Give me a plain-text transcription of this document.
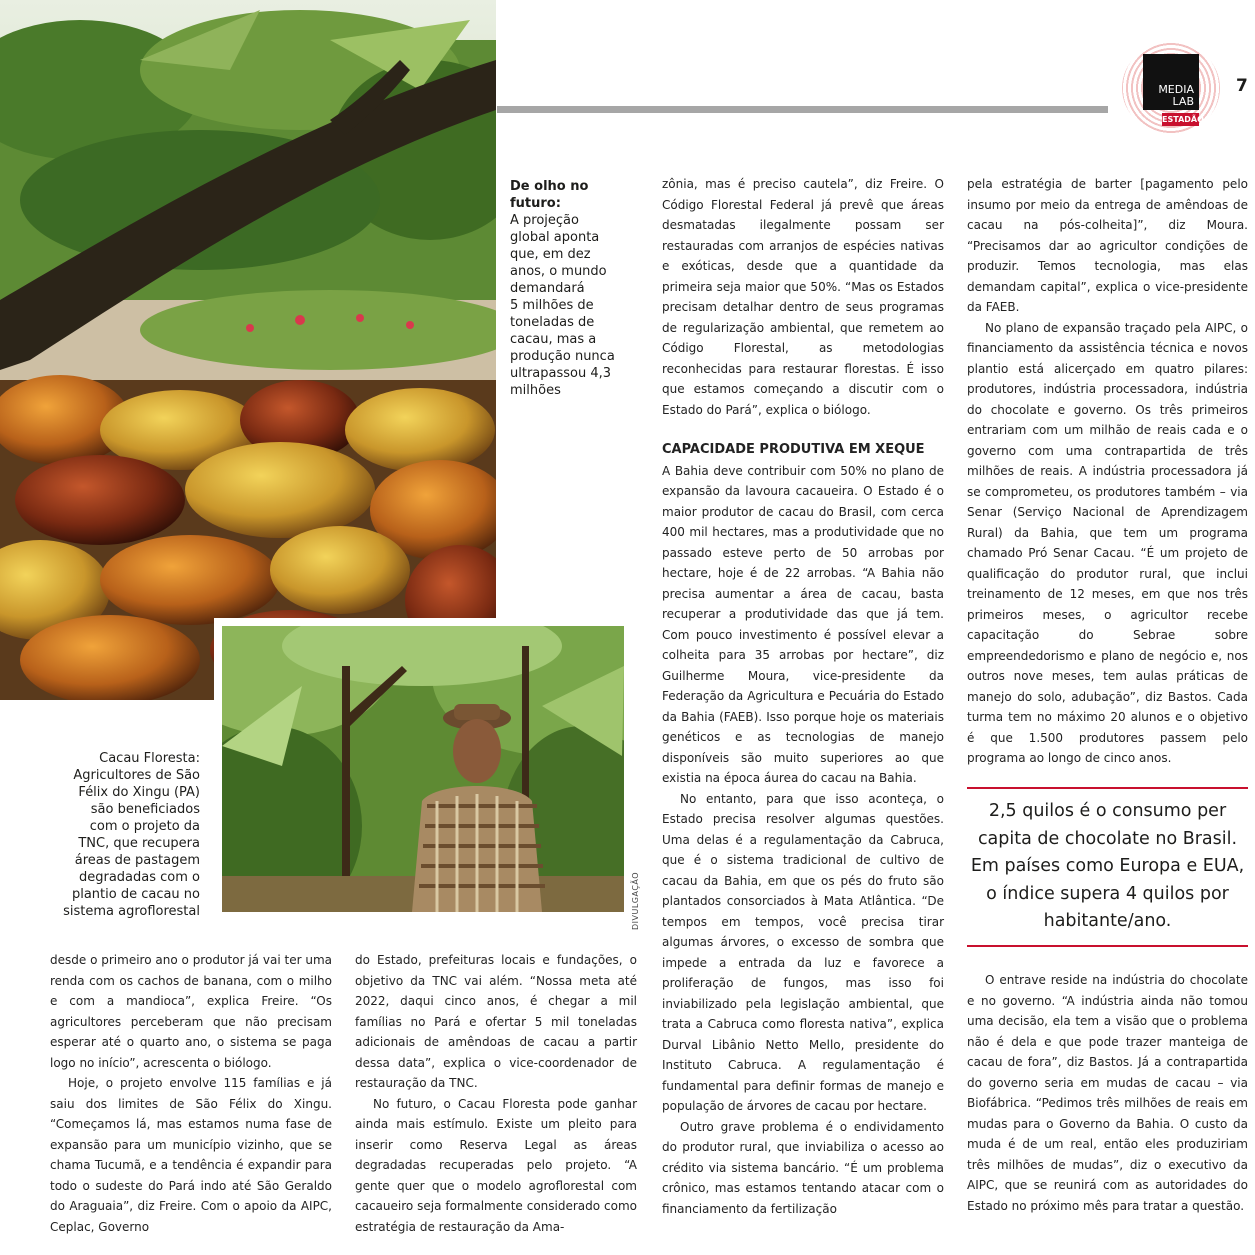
MEDIA
LAB
ESTADÃO
7
De olho no futuro:
A projeção
global aponta
que, em dez
anos, o mundo
demandará
5 milhões de
toneladas de
cacau, mas a
produção nunca
ultrapassou 4,3
milhões
DIVULGAÇÃO
Cacau Floresta:
Agricultores de São
Félix do Xingu (PA)
são beneficiados
com o projeto da
TNC, que recupera
áreas de pastagem
degradadas com o
plantio de cacau no
sistema agroflorestal

desde o primeiro ano o produtor já vai ter uma renda com os cachos de banana, com o milho e com a mandioca”, explica Freire. “Os agricultores perceberam que não precisam esperar até o quarto ano, o sistema se paga logo no início”, acrescenta o biólogo.

Hoje, o projeto envolve 115 famílias e já saiu dos limites de São Félix do Xingu. “Começamos lá, mas estamos numa fase de expansão para um município vizinho, que se chama Tucumã, e a tendência é expandir para todo o sudeste do Pará indo até São Geraldo do Araguaia”, diz Freire. Com o apoio da AIPC, Ceplac, Governo

do Estado, prefeituras locais e fundações, o objetivo da TNC vai além. “Nossa meta até 2022, daqui cinco anos, é chegar a mil famílias no Pará e ofertar 5 mil toneladas adicionais de amêndoas de cacau a partir dessa data”, explica o vice-coordenador de restauração da TNC.

No futuro, o Cacau Floresta pode ganhar ainda mais estímulo. Existe um pleito para inserir como Reserva Legal as áreas degradadas recuperadas pelo projeto. “A gente quer que o modelo agroflorestal com cacaueiro seja formalmente considerado como estratégia de restauração da Ama-

zônia, mas é preciso cautela”, diz Freire. O Código Florestal Federal já prevê que áreas desmatadas ilegalmente possam ser restauradas com arranjos de espécies nativas e exóticas, desde que a quantidade da primeira seja maior que 50%. “Mas os Estados precisam detalhar dentro de seus programas de regularização ambiental, que remetem ao Código Florestal, as metodologias reconhecidas para restaurar florestas. É isso que estamos começando a discutir com o Estado do Pará”, explica o biólogo.

CAPACIDADE PRODUTIVA EM XEQUE

A Bahia deve contribuir com 50% no plano de expansão da lavoura cacaueira. O Estado é o maior produtor de cacau do Brasil, com cerca 400 mil hectares, mas a produtividade que no passado esteve perto de 50 arrobas por hectare, hoje é de 22 arrobas. “A Bahia não precisa aumentar a área de cacau, basta recuperar a produtividade das que já tem. Com pouco investimento é possível elevar a colheita para 35 arrobas por hectare”, diz Guilherme Moura, vice-presidente da Federação da Agricultura e Pecuária do Estado da Bahia (FAEB). Isso porque hoje os materiais genéticos e as tecnologias de manejo disponíveis são muito superiores ao que existia na época áurea do cacau na Bahia.

No entanto, para que isso aconteça, o Estado precisa resolver algumas questões. Uma delas é a regulamentação da Cabruca, que é o sistema tradicional de cultivo de cacau da Bahia, em que os pés do fruto são plantados consorciados à Mata Atlântica. “De tempos em tempos, você precisa tirar algumas árvores, o excesso de sombra que impede a entrada da luz e favorece a proliferação de fungos, mas isso foi inviabilizado pela legislação ambiental, que trata a Cabruca como floresta nativa”, explica Durval Libânio Netto Mello, presidente do Instituto Cabruca. A regulamentação é fundamental para definir formas de manejo e população de árvores de cacau por hectare.

Outro grave problema é o endividamento do produtor rural, que inviabiliza o acesso ao crédito via sistema bancário. “É um problema crônico, mas estamos tentando atacar com o financiamento da fertilização

pela estratégia de barter [pagamento pelo insumo por meio da entrega de amêndoas de cacau na pós-colheita]”, diz Moura. “Precisamos dar ao agricultor condições de produzir. Temos tecnologia, mas elas demandam capital”, explica o vice-presidente da FAEB.

No plano de expansão traçado pela AIPC, o financiamento da assistência técnica e novos plantio está alicerçado em quatro pilares: produtores, indústria processadora, indústria do chocolate e governo. Os três primeiros entrariam com um milhão de reais cada e o governo com uma contrapartida de três milhões de reais. A indústria processadora já se comprometeu, os produtores também – via Senar (Serviço Nacional de Aprendizagem Rural) da Bahia, que tem um programa chamado Pró Senar Cacau. “É um projeto de qualificação do produtor rural, que inclui treinamento de 12 meses, em que nos três primeiros meses, o agricultor recebe capacitação do Sebrae sobre empreendedorismo e plano de negócio e, nos outros nove meses, tem aulas práticas de manejo do solo, adubação”, diz Bastos. Cada turma tem no máximo 20 alunos e o objetivo é que 1.500 produtores passem pelo programa ao longo de cinco anos.

2,5 quilos é o consumo per capita de chocolate no Brasil. Em países como Europa e EUA, o índice supera 4 quilos por habitante/ano.

O entrave reside na indústria do chocolate e no governo. “A indústria ainda não tomou uma decisão, ela tem a visão que o problema não é dela e que pode trazer manteiga de cacau de fora”, diz Bastos. Já a contrapartida do governo seria em mudas de cacau – via Biofábrica. “Pedimos três milhões de reais em mudas para o Governo da Bahia. O custo da muda é de um real, então eles produziriam três milhões de mudas”, diz o executivo da AIPC, que se reunirá com as autoridades do Estado no próximo mês para tratar a questão.
